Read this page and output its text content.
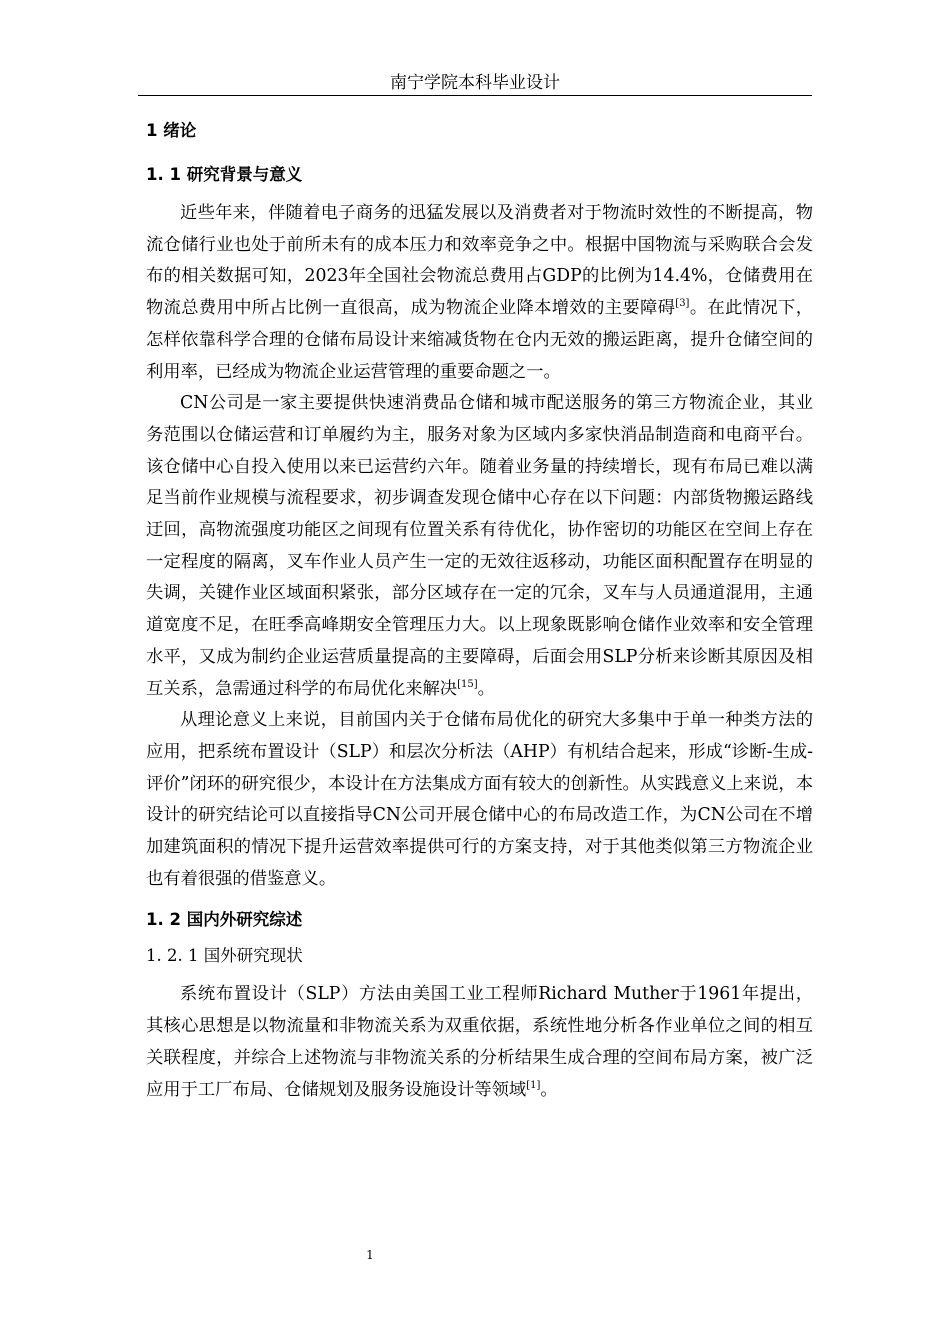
南宁学院本科毕业设计
1 绪论
1. 1 研究背景与意义

近些年来，伴随着电子商务的迅猛发展以及消费者对于物流时效性的不断提高，物流仓储行业也处于前所未有的成本压力和效率竞争之中。根据中国物流与采购联合会发布的相关数据可知，2023年全国社会物流总费用占GDP的比例为14.4%，仓储费用在物流总费用中所占比例一直很高，成为物流企业降本增效的主要障碍[3]。在此情况下，怎样依靠科学合理的仓储布局设计来缩减货物在仓内无效的搬运距离，提升仓储空间的利用率，已经成为物流企业运营管理的重要命题之一。

CN公司是一家主要提供快速消费品仓储和城市配送服务的第三方物流企业，其业务范围以仓储运营和订单履约为主，服务对象为区域内多家快消品制造商和电商平台。该仓储中心自投入使用以来已运营约六年。随着业务量的持续增长，现有布局已难以满足当前作业规模与流程要求，初步调查发现仓储中心存在以下问题：内部货物搬运路线迂回，高物流强度功能区之间现有位置关系有待优化，协作密切的功能区在空间上存在一定程度的隔离，叉车作业人员产生一定的无效往返移动，功能区面积配置存在明显的失调，关键作业区域面积紧张，部分区域存在一定的冗余，叉车与人员通道混用，主通道宽度不足，在旺季高峰期安全管理压力大。以上现象既影响仓储作业效率和安全管理水平，又成为制约企业运营质量提高的主要障碍，后面会用SLP分析来诊断其原因及相互关系，急需通过科学的布局优化来解决[15]。

从理论意义上来说，目前国内关于仓储布局优化的研究大多集中于单一种类方法的应用，把系统布置设计（SLP）和层次分析法（AHP）有机结合起来，形成“诊断-生成-评价”闭环的研究很少，本设计在方法集成方面有较大的创新性。从实践意义上来说，本设计的研究结论可以直接指导CN公司开展仓储中心的布局改造工作，为CN公司在不增加建筑面积的情况下提升运营效率提供可行的方案支持，对于其他类似第三方物流企业也有着很强的借鉴意义。

1. 2 国内外研究综述
1. 2. 1 国外研究现状

系统布置设计（SLP）方法由美国工业工程师Richard Muther于1961年提出，其核心思想是以物流量和非物流关系为双重依据，系统性地分析各作业单位之间的相互关联程度，并综合上述物流与非物流关系的分析结果生成合理的空间布局方案，被广泛应用于工厂布局、仓储规划及服务设施设计等领域[1]。

1
